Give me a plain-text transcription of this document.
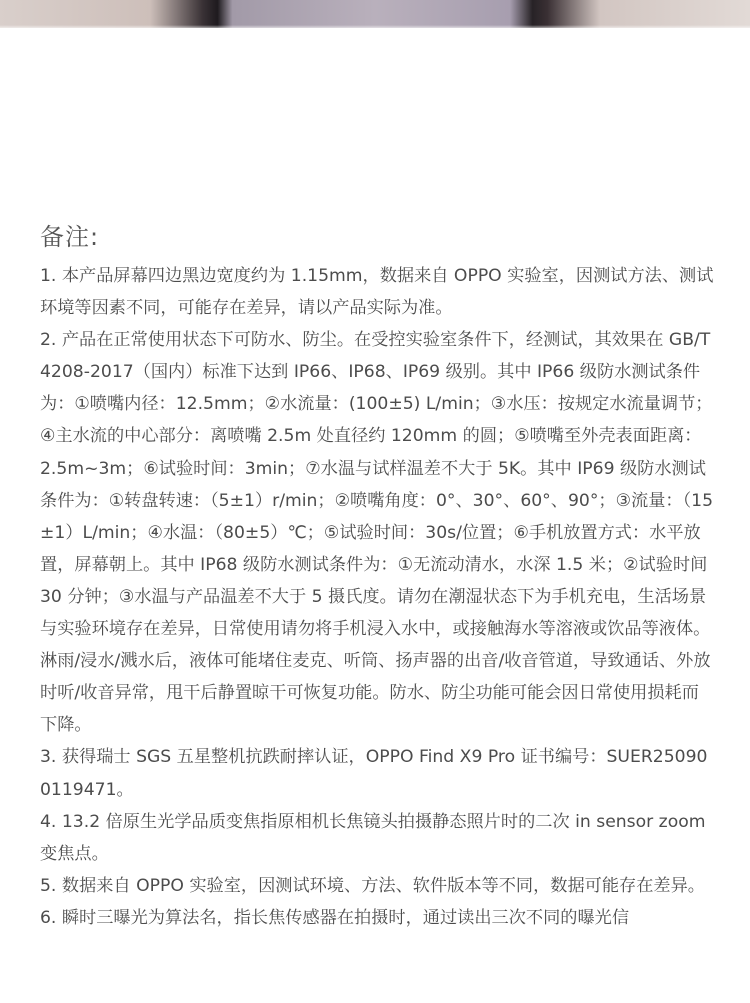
备注:

1. 本产品屏幕四边黑边宽度约为 1.15mm，数据来自 OPPO 实验室，因测试方法、测试环境等因素不同，可能存在差异，请以产品实际为准。

2. 产品在正常使用状态下可防水、防尘。在受控实验室条件下，经测试，其效果在 GB/T 4208-2017（国内）标准下达到 IP66、IP68、IP69 级别。其中 IP66 级防水测试条件为：①喷嘴内径：12.5mm；②水流量：(100±5) L/min；③水压：按规定水流量调节；④主水流的中心部分：离喷嘴 2.5m 处直径约 120mm 的圆；⑤喷嘴至外壳表面距离：2.5m~3m；⑥试验时间：3min；⑦水温与试样温差不大于 5K。其中 IP69 级防水测试条件为：①转盘转速：（5±1）r/min；②喷嘴角度：0°、30°、60°、90°；③流量：（15±1）L/min；④水温：（80±5）℃；⑤试验时间：30s/位置；⑥手机放置方式：水平放置，屏幕朝上。其中 IP68 级防水测试条件为：①无流动清水，水深 1.5 米；②试验时间 30 分钟；③水温与产品温差不大于 5 摄氏度。请勿在潮湿状态下为手机充电，生活场景与实验环境存在差异，日常使用请勿将手机浸入水中，或接触海水等溶液或饮品等液体。淋雨/浸水/溅水后，液体可能堵住麦克、听筒、扬声器的出音/收音管道，导致通话、外放时听/收音异常，甩干后静置晾干可恢复功能。防水、防尘功能可能会因日常使用损耗而下降。

3. 获得瑞士 SGS 五星整机抗跌耐摔认证，OPPO Find X9 Pro 证书编号：SUER250900119471。

4. 13.2 倍原生光学品质变焦指原相机长焦镜头拍摄静态照片时的二次 in sensor zoom 变焦点。

5. 数据来自 OPPO 实验室，因测试环境、方法、软件版本等不同，数据可能存在差异。

6. 瞬时三曝光为算法名，指长焦传感器在拍摄时，通过读出三次不同的曝光信
